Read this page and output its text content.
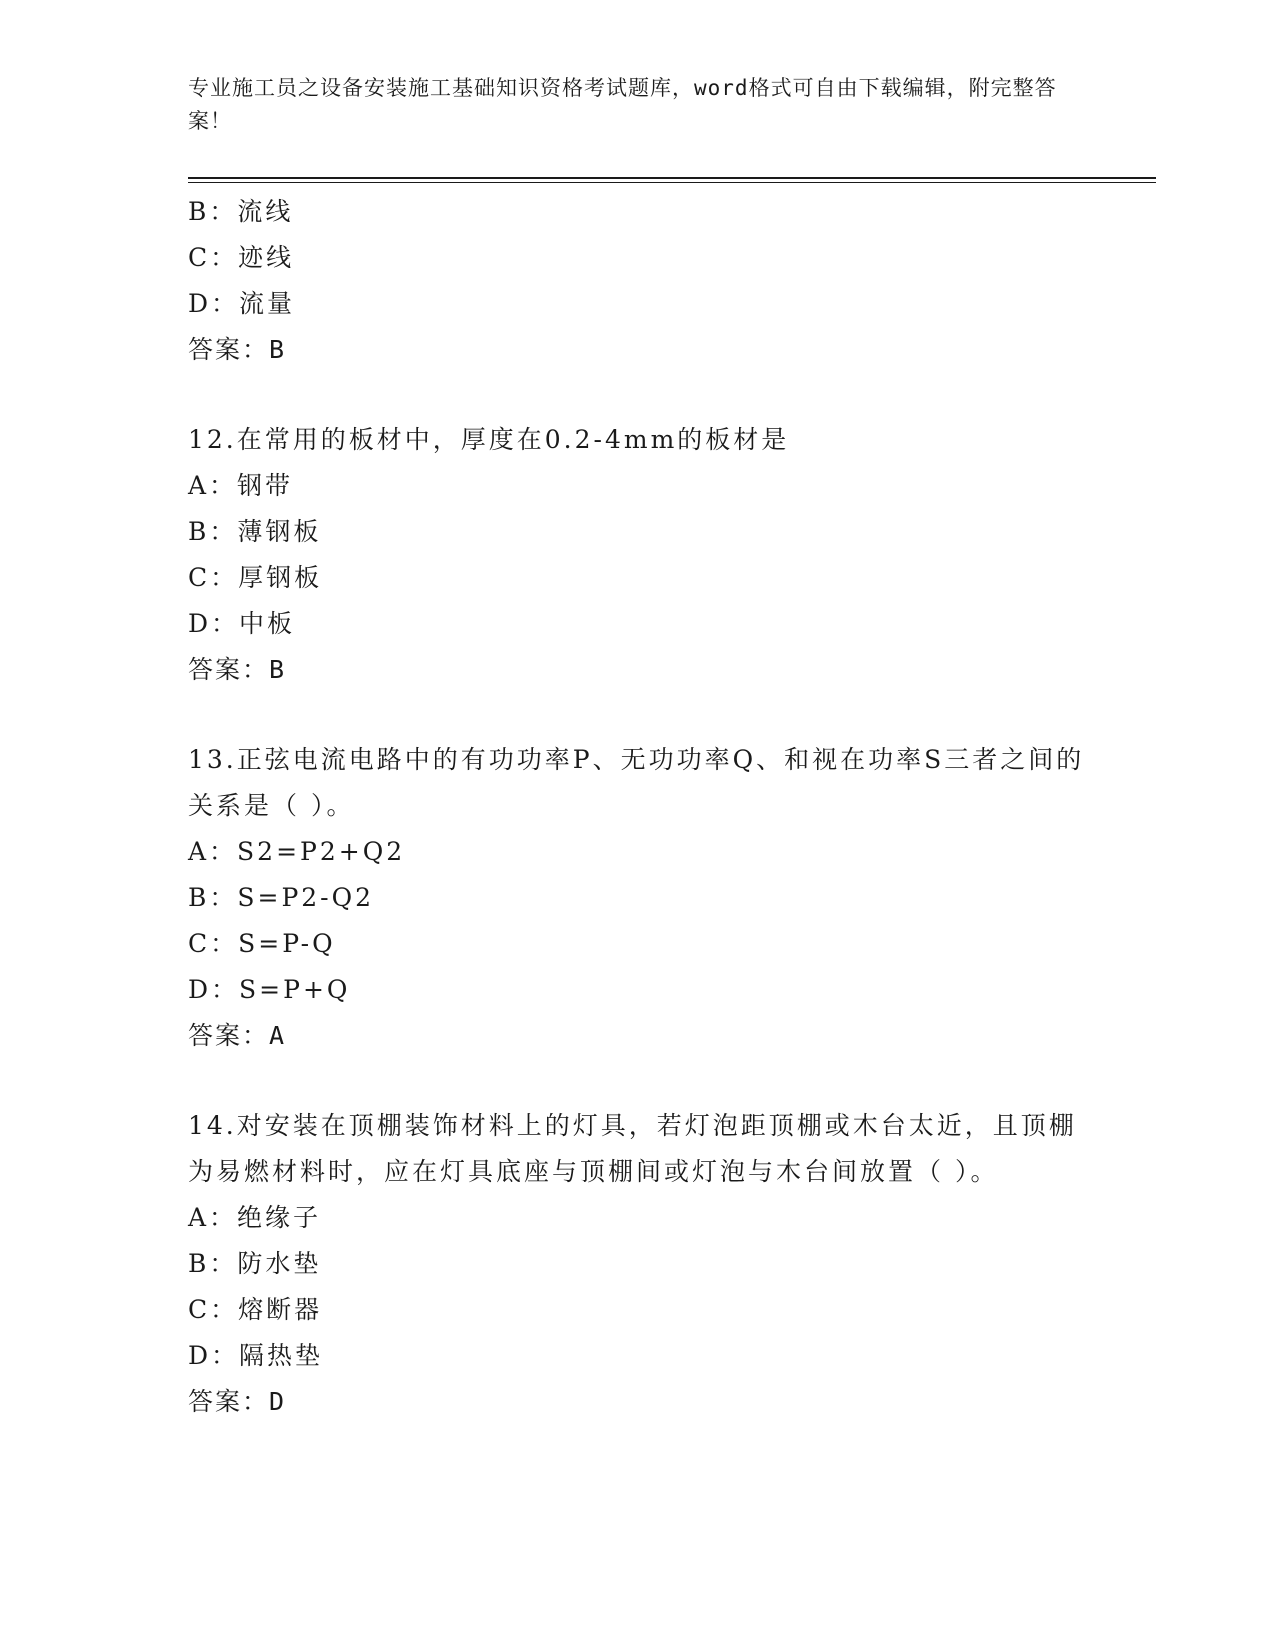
专业施工员之设备安装施工基础知识资格考试题库，word格式可自由下载编辑，附完整答案！
B：流线
C：迹线
D：流量
答案：B
12.在常用的板材中，厚度在0.2-4mm的板材是
A：钢带
B：薄钢板
C：厚钢板
D：中板
答案：B
13.正弦电流电路中的有功功率P、无功功率Q、和视在功率S三者之间的关系是（ ）。
A：S2=P2+Q2
B：S=P2-Q2
C：S=P-Q
D：S=P+Q
答案：A
14.对安装在顶棚装饰材料上的灯具，若灯泡距顶棚或木台太近，且顶棚为易燃材料时，应在灯具底座与顶棚间或灯泡与木台间放置（ ）。
A：绝缘子
B：防水垫
C：熔断器
D：隔热垫
答案：D
